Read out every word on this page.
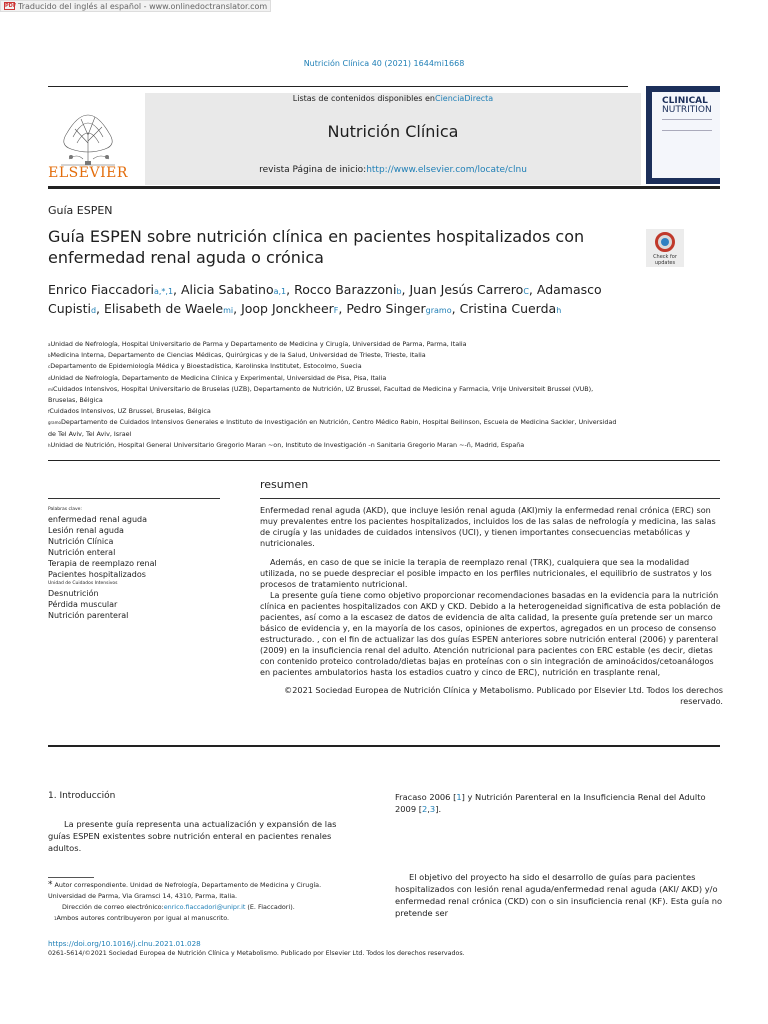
PDF Traducido del inglés al español - www.onlinedoctranslator.com
Nutrición Clínica 40 (2021) 1644mi1668
ELSEVIER
Listas de contenidos disponibles enCienciaDirecta
Nutrición Clínica
revista Página de inicio:http://www.elsevier.com/locate/clnu
CLINICAL
NUTRITION
Guía ESPEN
Guía ESPEN sobre nutrición clínica en pacientes hospitalizados con enfermedad renal aguda o crónica	Check for updates
Enrico Fiaccadoria,*,1, Alicia Sabatinoa,1, Rocco Barazzonib, Juan Jesús CarreroC, Adamasco Cupistid, Elisabeth de Waelemi, Joop JonckheerF, Pedro Singergramo, Cristina Cuerdah
aUnidad de Nefrología, Hospital Universitario de Parma y Departamento de Medicina y Cirugía, Universidad de Parma, Parma, Italia
bMedicina Interna, Departamento de Ciencias Médicas, Quirúrgicas y de la Salud, Universidad de Trieste, Trieste, Italia
cDepartamento de Epidemiología Médica y Bioestadística, Karolinska Institutet, Estocolmo, Suecia
dUnidad de Nefrología, Departamento de Medicina Clínica y Experimental, Universidad de Pisa, Pisa, Italia
miCuidados Intensivos, Hospital Universitario de Bruselas (UZB), Departamento de Nutrición, UZ Brussel, Facultad de Medicina y Farmacia, Vrije Universiteit Brussel (VUB), Bruselas, Bélgica
fCuidados Intensivos, UZ Brussel, Bruselas, Bélgica
gramoDepartamento de Cuidados Intensivos Generales e Instituto de Investigación en Nutrición, Centro Médico Rabin, Hospital Beilinson, Escuela de Medicina Sackler, Universidad de Tel Aviv, Tel Aviv, Israel
hUnidad de Nutrición, Hospital General Universitario Gregorio Maran ~on, Instituto de Investigación -n Sanitaria Gregorio Maran ~-ñ, Madrid, España
resumen
Palabras clave:
enfermedad renal aguda
Lesión renal aguda
Nutrición Clínica
Nutrición enteral
Terapia de reemplazo renal
Pacientes hospitalizados
Unidad de Cuidados Intensivos
Desnutrición
Pérdida muscular
Nutrición parenteral

Enfermedad renal aguda (AKD), que incluye lesión renal aguda (AKI)miy la enfermedad renal crónica (ERC) son muy prevalentes entre los pacientes hospitalizados, incluidos los de las salas de nefrología y medicina, las salas de cirugía y las unidades de cuidados intensivos (UCI), y tienen importantes consecuencias metabólicas y nutricionales.

Además, en caso de que se inicie la terapia de reemplazo renal (TRK), cualquiera que sea la modalidad utilizada, no se puede despreciar el posible impacto en los perfiles nutricionales, el equilibrio de sustratos y los procesos de tratamiento nutricional.

La presente guía tiene como objetivo proporcionar recomendaciones basadas en la evidencia para la nutrición clínica en pacientes hospitalizados con AKD y CKD. Debido a la heterogeneidad significativa de esta población de pacientes, así como a la escasez de datos de evidencia de alta calidad, la presente guía pretende ser un marco básico de evidencia y, en la mayoría de los casos, opiniones de expertos, agregados en un proceso de consenso estructurado. , con el fin de actualizar las dos guías ESPEN anteriores sobre nutrición enteral (2006) y parenteral (2009) en la insuficiencia renal del adulto. Atención nutricional para pacientes con ERC estable (es decir, dietas con contenido proteico controlado/dietas bajas en proteínas con o sin integración de aminoácidos/cetoanálogos en pacientes ambulatorios hasta los estadios cuatro y cinco de ERC), nutrición en trasplante renal,

©2021 Sociedad Europea de Nutrición Clínica y Metabolismo. Publicado por Elsevier Ltd. Todos los derechos reservado.

1. Introducción
La presente guía representa una actualización y expansión de las guías ESPEN existentes sobre nutrición enteral en pacientes renales adultos.
Fracaso 2006 [1] y Nutrición Parenteral en la Insuficiencia Renal del Adulto 2009 [2,3].
El objetivo del proyecto ha sido el desarrollo de guías para pacientes hospitalizados con lesión renal aguda/enfermedad renal aguda (AKI/ AKD) y/o enfermedad renal crónica (CKD) con o sin insuficiencia renal (KF). Esta guía no pretende ser
* Autor correspondiente. Unidad de Nefrología, Departamento de Medicina y Cirugía. Universidad de Parma, Via Gramsci 14, 4310, Parma, Italia.
Dirección de correo electrónico:enrico.fiaccadori@unipr.it (E. Fiaccadori).
1Ambos autores contribuyeron por igual al manuscrito.
https://doi.org/10.1016/j.clnu.2021.01.028
0261-5614/©2021 Sociedad Europea de Nutrición Clínica y Metabolismo. Publicado por Elsevier Ltd. Todos los derechos reservados.
